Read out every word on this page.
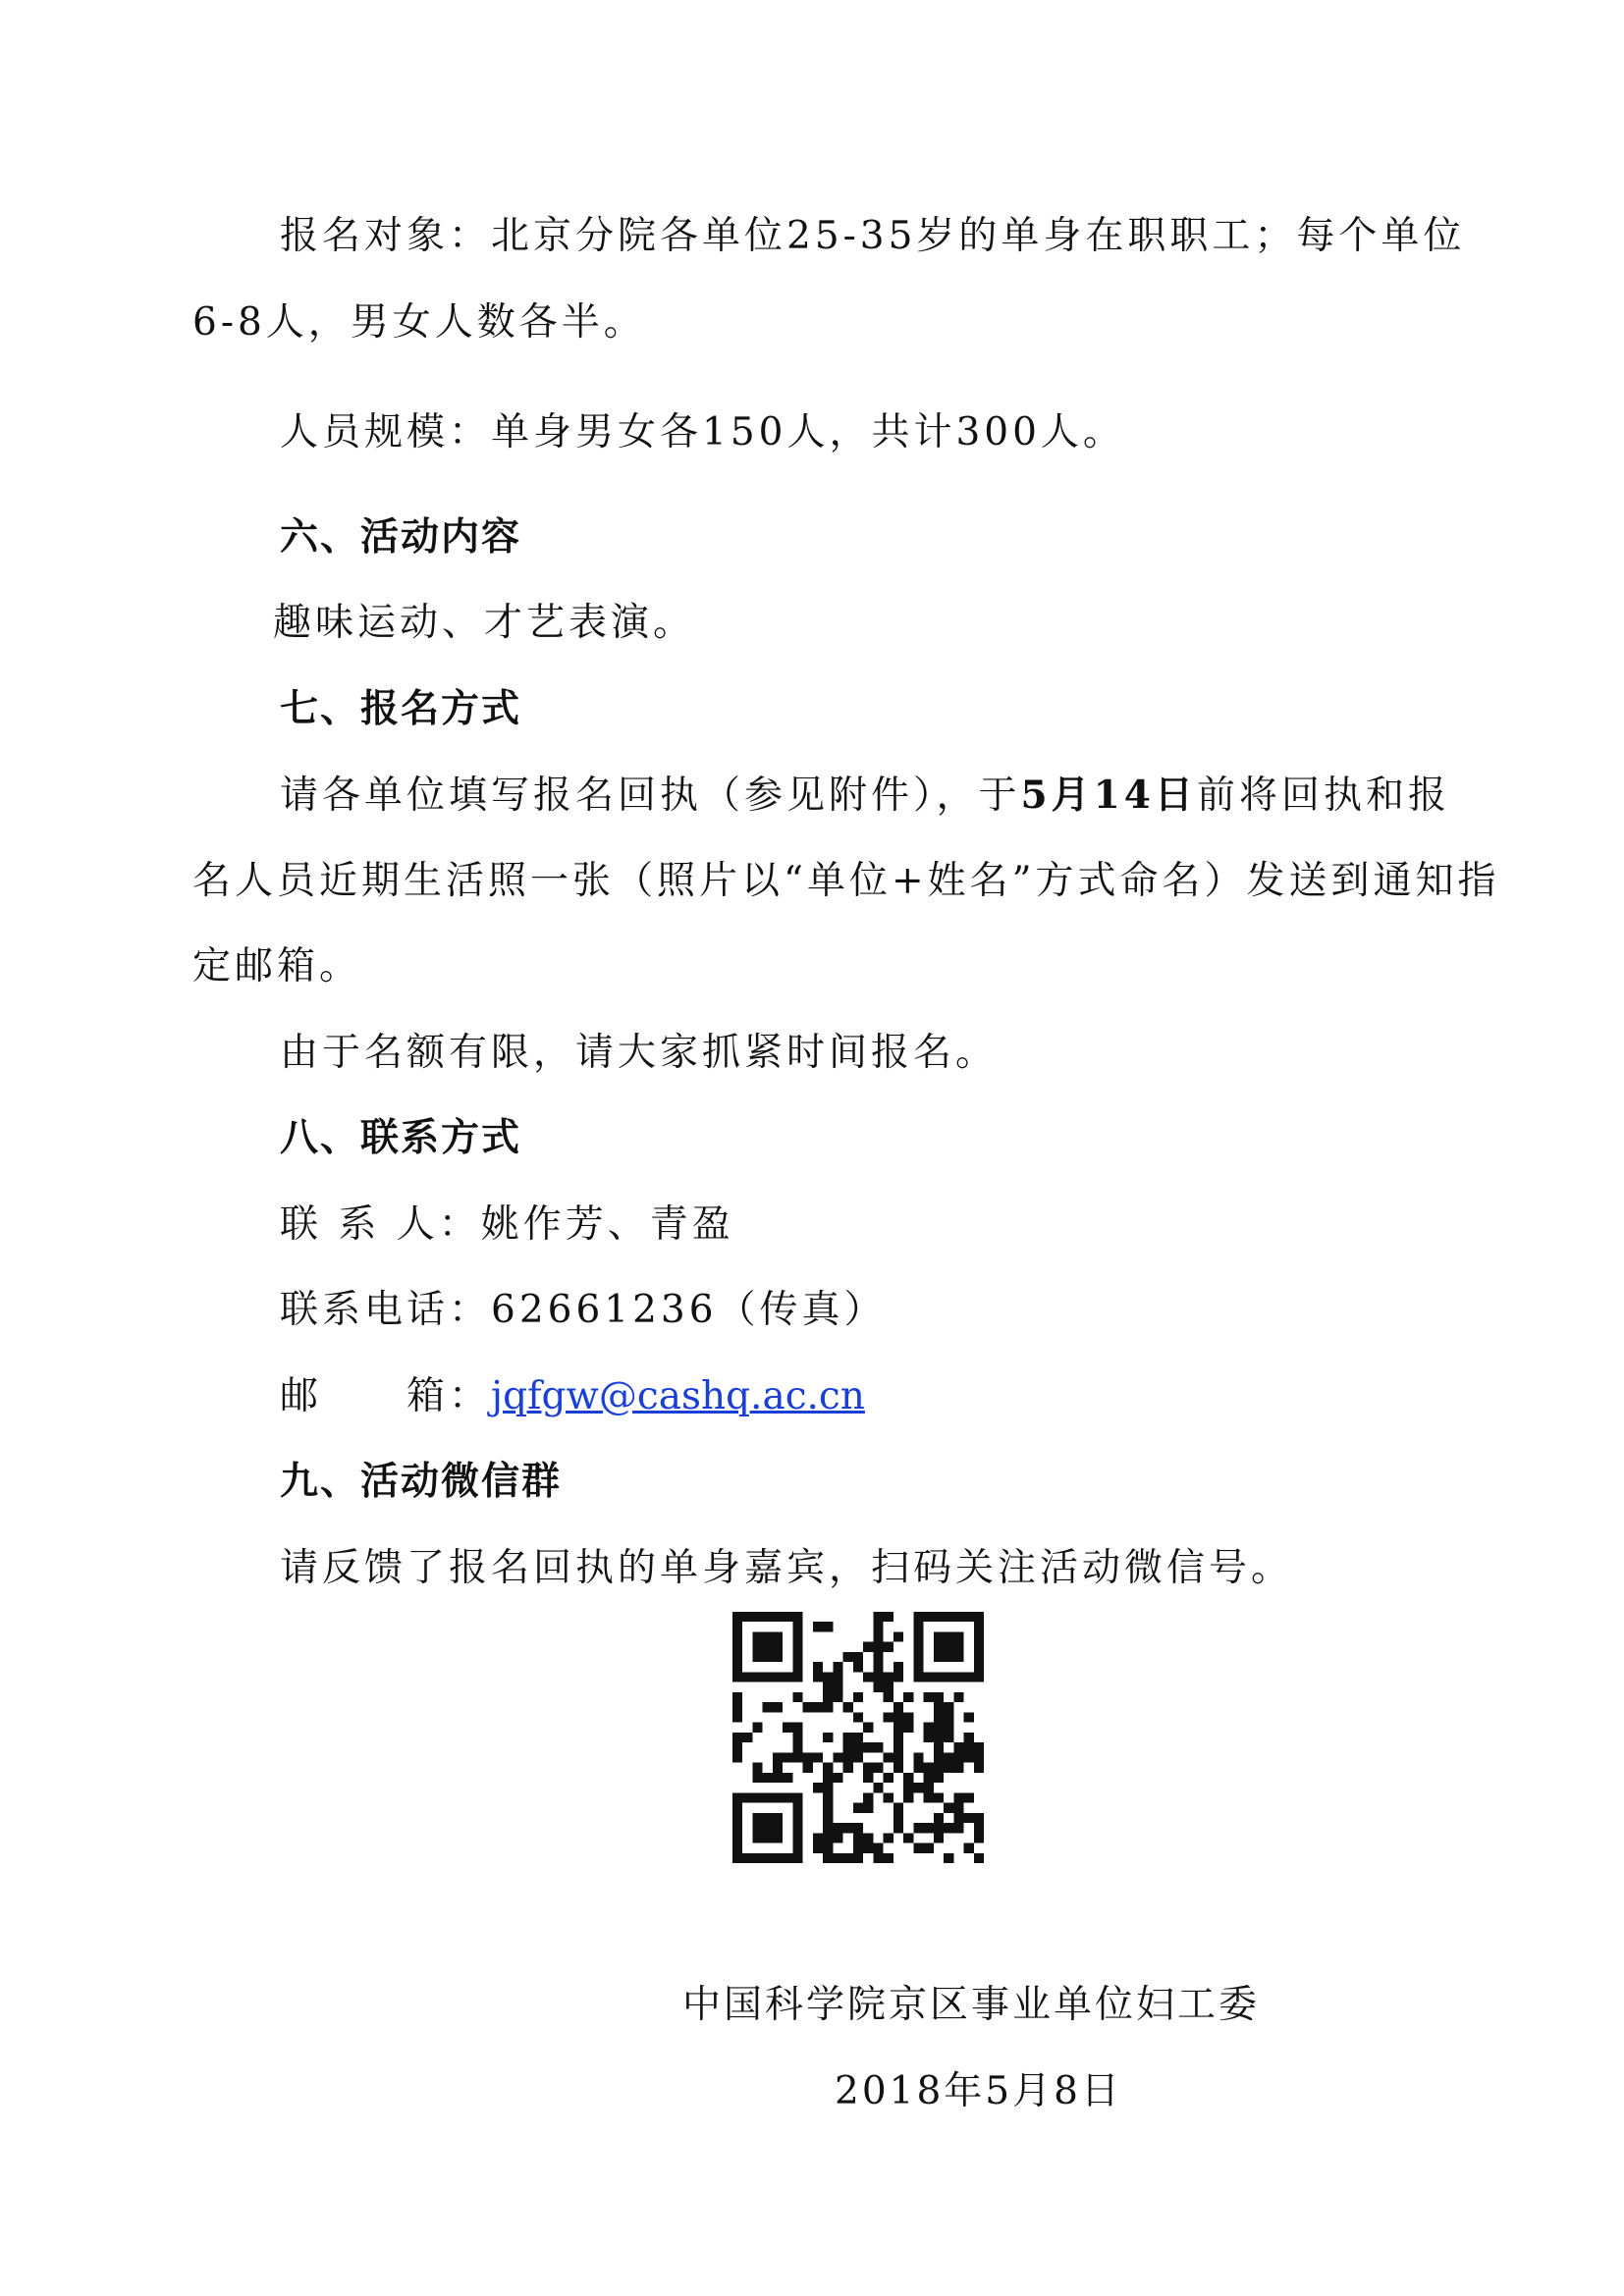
报名对象：北京分院各单位25-35岁的单身在职职工；每个单位
6-8人，男女人数各半。
人员规模：单身男女各150人，共计300人。
六、活动内容
趣味运动、才艺表演。
七、报名方式
请各单位填写报名回执（参见附件），于5月14日前将回执和报
名人员近期生活照一张（照片以“单位+姓名”方式命名）发送到通知指
定邮箱。
由于名额有限，请大家抓紧时间报名。
八、联系方式
联 系 人：姚作芳、青盈
联系电话：62661236（传真）
邮　　箱：jqfgw@cashq.ac.cn
九、活动微信群
请反馈了报名回执的单身嘉宾，扫码关注活动微信号。
中国科学院京区事业单位妇工委
2018年5月8日
